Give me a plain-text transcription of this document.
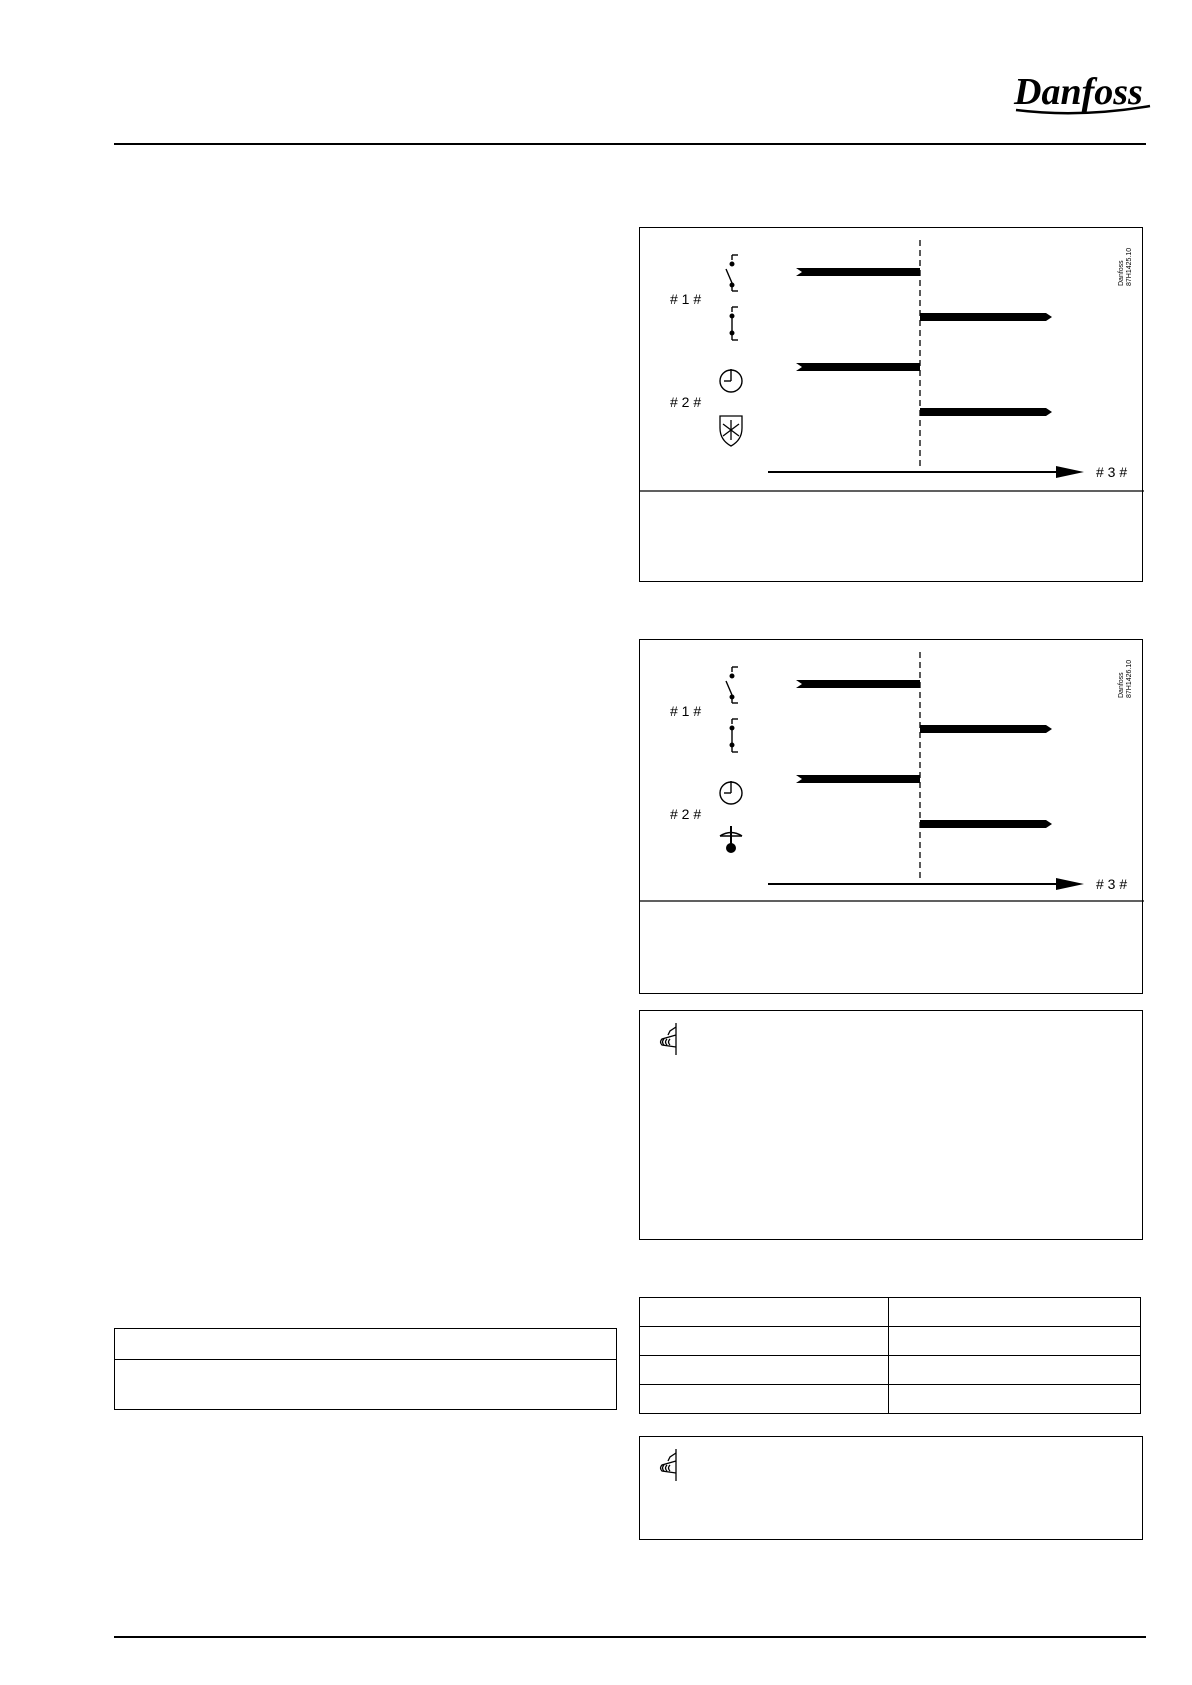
Danfoss
# 1 #
# 2 #
# 3 #
Danfoss 87H1425.10
# 1 #
# 2 #
# 3 #
Danfoss 87H1426.10
